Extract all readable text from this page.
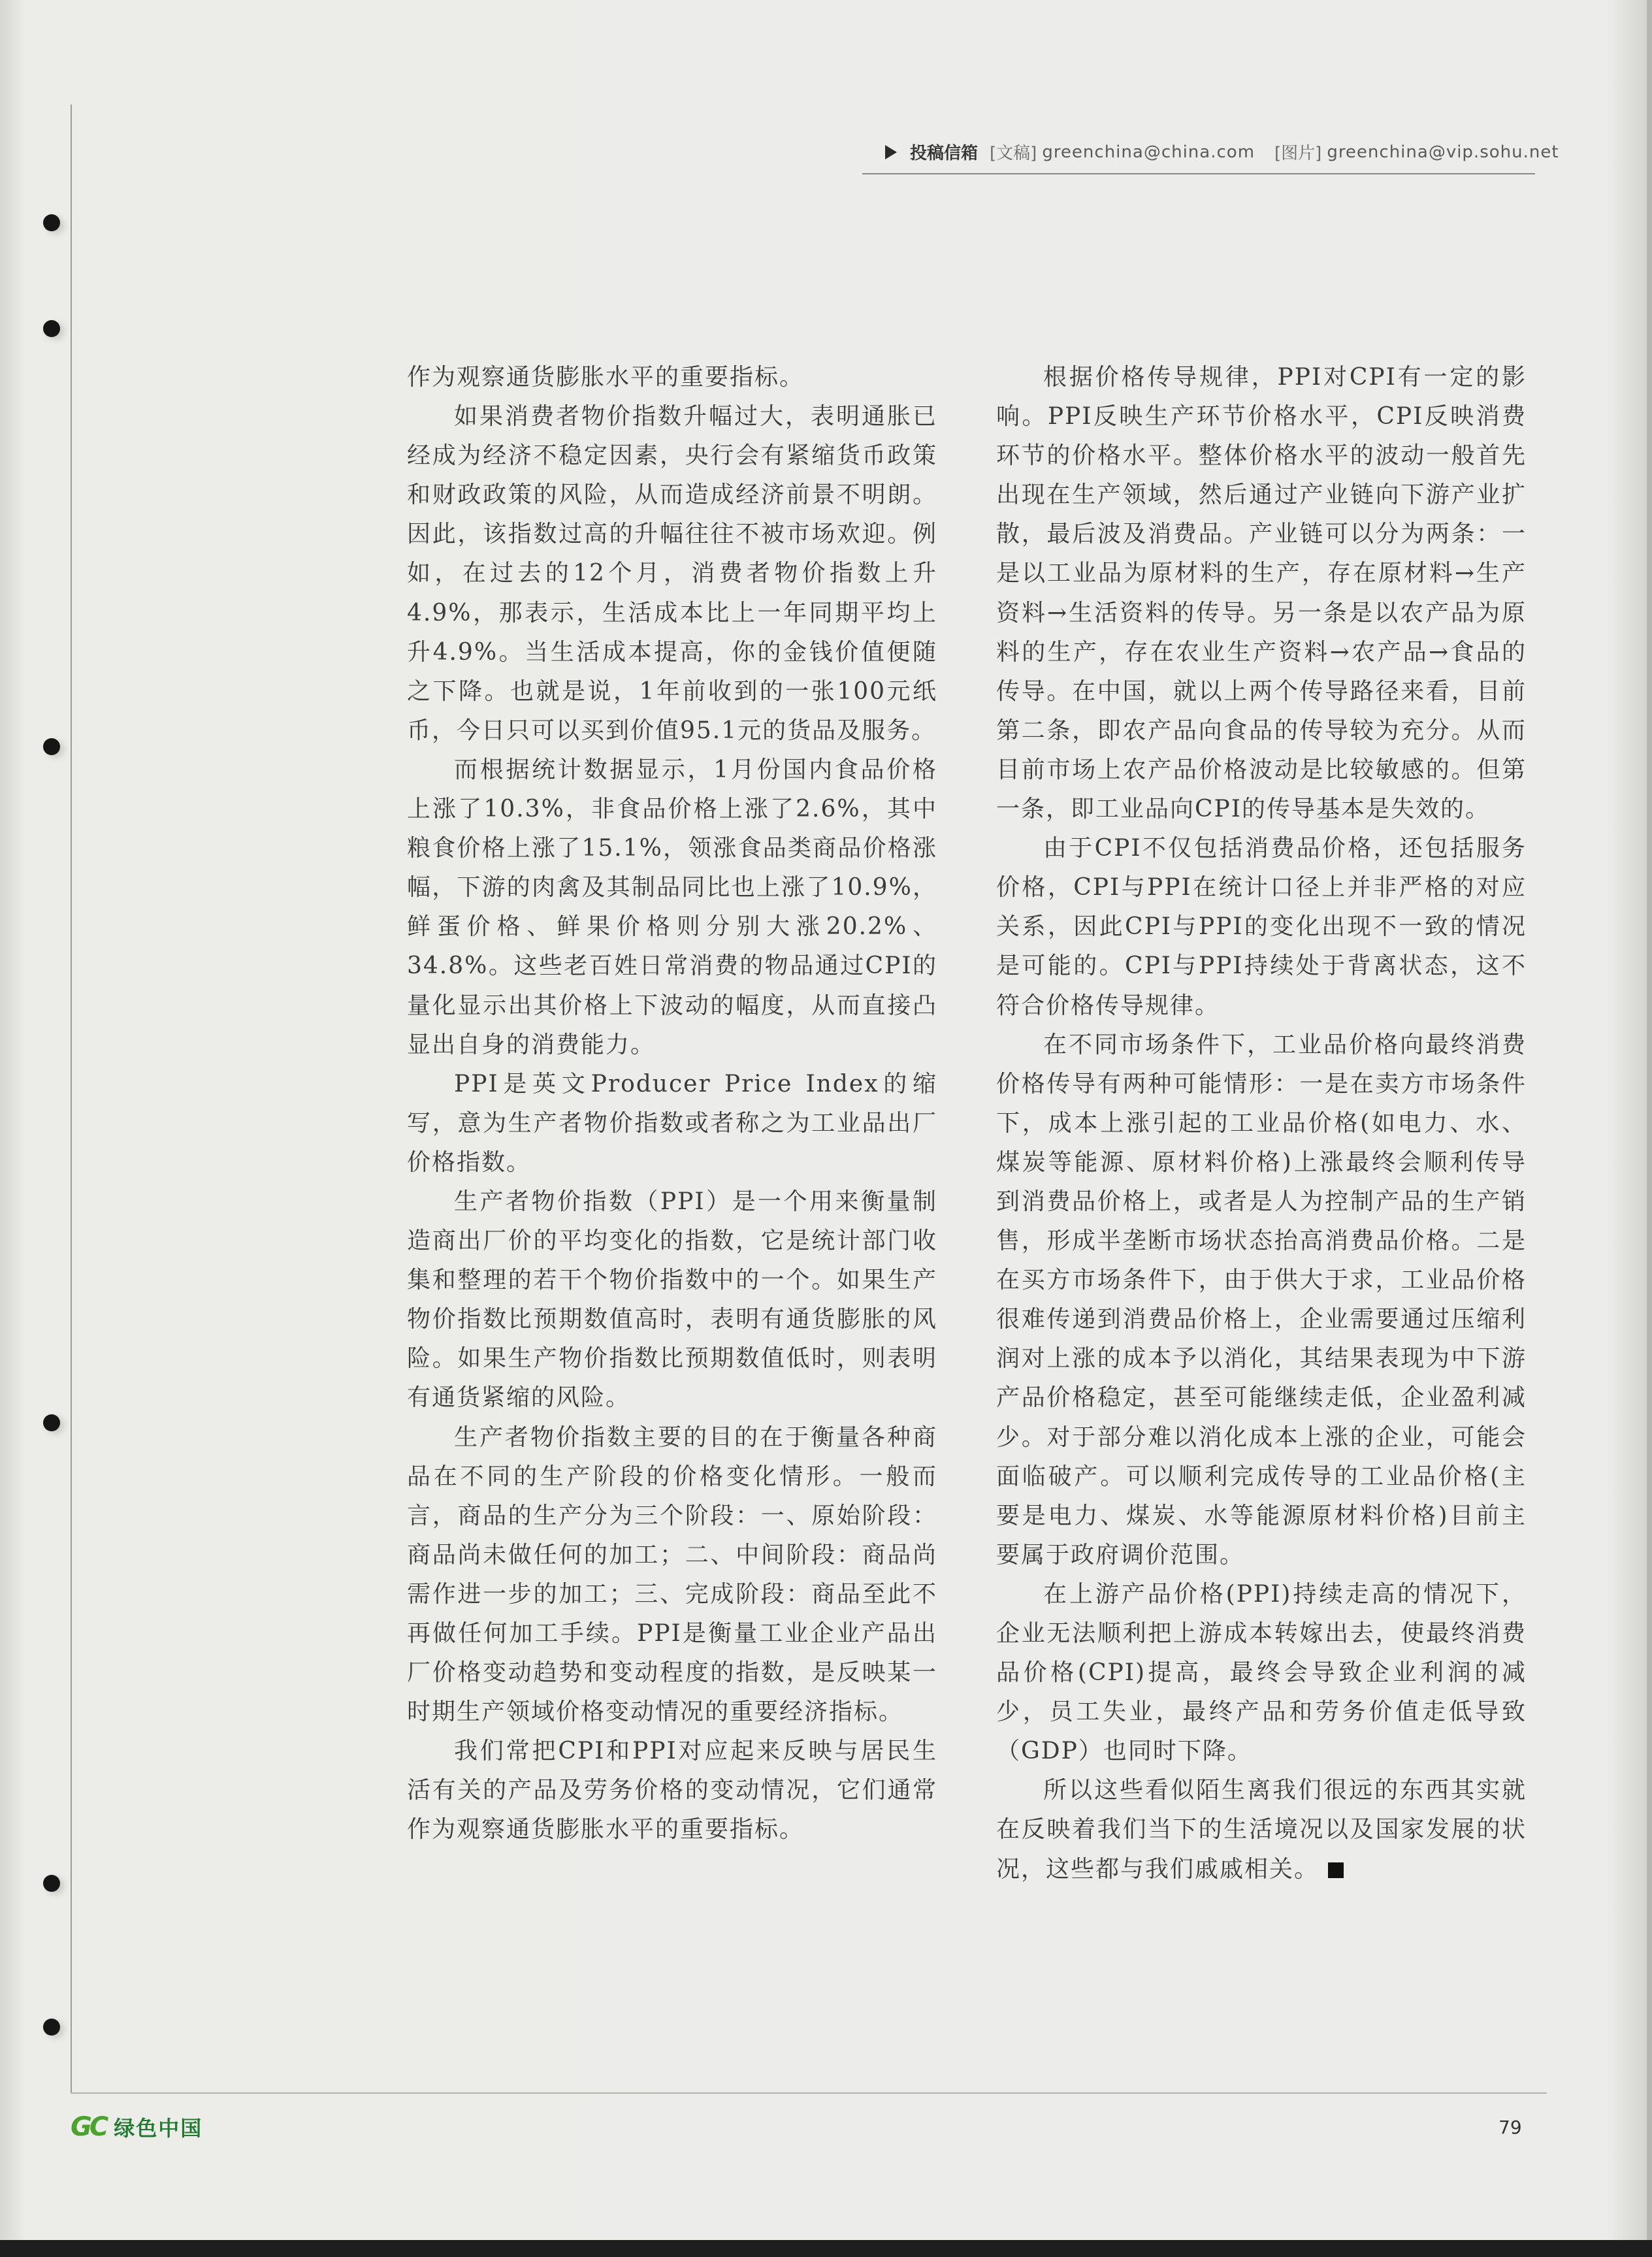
投稿信箱 [文稿] greenchina@china.com [图片] greenchina@vip.sohu.net

作为观察通货膨胀水平的重要指标。

如果消费者物价指数升幅过大，表明通胀已经成为经济不稳定因素，央行会有紧缩货币政策和财政政策的风险，从而造成经济前景不明朗。因此，该指数过高的升幅往往不被市场欢迎。例如，在过去的12个月，消费者物价指数上升4.9%，那表示，生活成本比上一年同期平均上升4.9%。当生活成本提高，你的金钱价值便随之下降。也就是说，1年前收到的一张100元纸币，今日只可以买到价值95.1元的货品及服务。

而根据统计数据显示，1月份国内食品价格上涨了10.3%，非食品价格上涨了2.6%，其中粮食价格上涨了15.1%，领涨食品类商品价格涨幅，下游的肉禽及其制品同比也上涨了10.9%，鲜蛋价格、鲜果价格则分别大涨20.2%、34.8%。这些老百姓日常消费的物品通过CPI的量化显示出其价格上下波动的幅度，从而直接凸显出自身的消费能力。

PPI是英文Producer Price Index的缩写，意为生产者物价指数或者称之为工业品出厂价格指数。

生产者物价指数（PPI）是一个用来衡量制造商出厂价的平均变化的指数，它是统计部门收集和整理的若干个物价指数中的一个。如果生产物价指数比预期数值高时，表明有通货膨胀的风险。如果生产物价指数比预期数值低时，则表明有通货紧缩的风险。

生产者物价指数主要的目的在于衡量各种商品在不同的生产阶段的价格变化情形。一般而言，商品的生产分为三个阶段：一、原始阶段：商品尚未做任何的加工；二、中间阶段：商品尚需作进一步的加工；三、完成阶段：商品至此不再做任何加工手续。PPI是衡量工业企业产品出厂价格变动趋势和变动程度的指数，是反映某一时期生产领域价格变动情况的重要经济指标。

我们常把CPI和PPI对应起来反映与居民生活有关的产品及劳务价格的变动情况，它们通常作为观察通货膨胀水平的重要指标。

根据价格传导规律，PPI对CPI有一定的影响。PPI反映生产环节价格水平，CPI反映消费环节的价格水平。整体价格水平的波动一般首先出现在生产领域，然后通过产业链向下游产业扩散，最后波及消费品。产业链可以分为两条：一是以工业品为原材料的生产，存在原材料→生产资料→生活资料的传导。另一条是以农产品为原料的生产，存在农业生产资料→农产品→食品的传导。在中国，就以上两个传导路径来看，目前第二条，即农产品向食品的传导较为充分。从而目前市场上农产品价格波动是比较敏感的。但第一条，即工业品向CPI的传导基本是失效的。

由于CPI不仅包括消费品价格，还包括服务价格，CPI与PPI在统计口径上并非严格的对应关系，因此CPI与PPI的变化出现不一致的情况是可能的。CPI与PPI持续处于背离状态，这不符合价格传导规律。

在不同市场条件下，工业品价格向最终消费价格传导有两种可能情形：一是在卖方市场条件下，成本上涨引起的工业品价格(如电力、水、煤炭等能源、原材料价格)上涨最终会顺利传导到消费品价格上，或者是人为控制产品的生产销售，形成半垄断市场状态抬高消费品价格。二是在买方市场条件下，由于供大于求，工业品价格很难传递到消费品价格上，企业需要通过压缩利润对上涨的成本予以消化，其结果表现为中下游产品价格稳定，甚至可能继续走低，企业盈利减少。对于部分难以消化成本上涨的企业，可能会面临破产。可以顺利完成传导的工业品价格(主要是电力、煤炭、水等能源原材料价格)目前主要属于政府调价范围。

在上游产品价格(PPI)持续走高的情况下，企业无法顺利把上游成本转嫁出去，使最终消费品价格(CPI)提高，最终会导致企业利润的减少，员工失业，最终产品和劳务价值走低导致（GDP）也同时下降。

所以这些看似陌生离我们很远的东西其实就在反映着我们当下的生活境况以及国家发展的状况，这些都与我们戚戚相关。

GC 绿色中国	79
